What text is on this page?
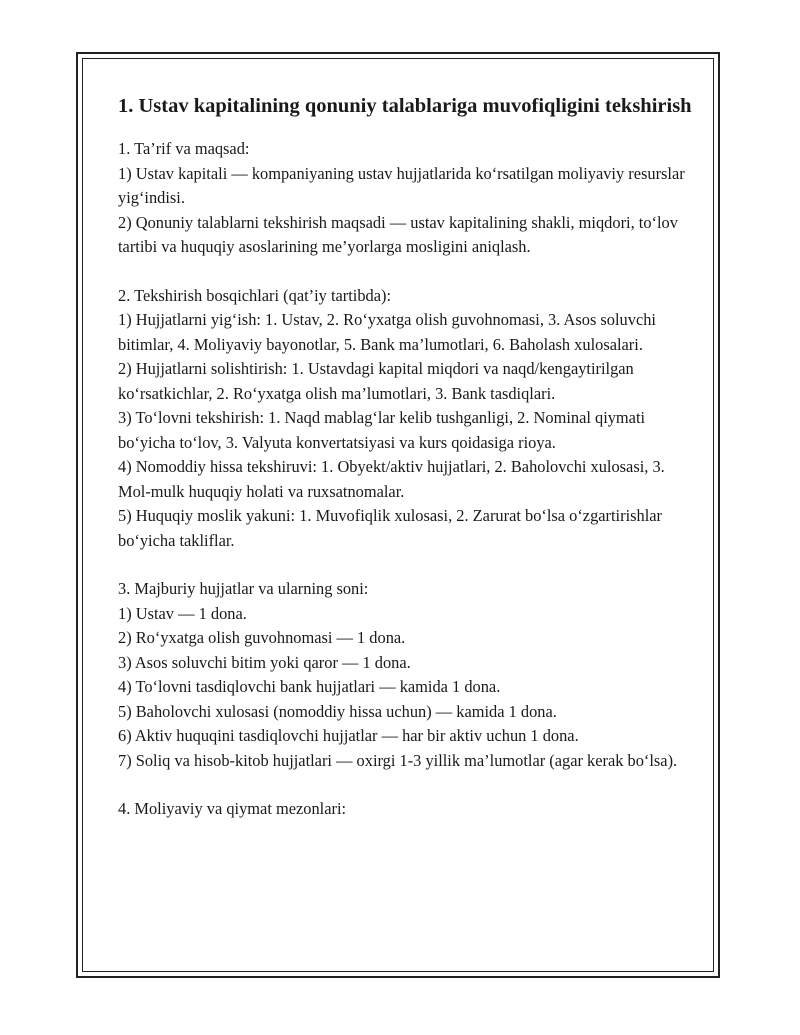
1. Ustav kapitalining qonuniy talablariga muvofiqligini tekshirish

1. Ta’rif va maqsad:

1) Ustav kapitali — kompaniyaning ustav hujjatlarida ko‘rsatilgan moliyaviy resurslar yig‘indisi.

2) Qonuniy talablarni tekshirish maqsadi — ustav kapitalining shakli, miqdori, to‘lov tartibi va huquqiy asoslarining me’yorlarga mosligini aniqlash.

2. Tekshirish bosqichlari (qat’iy tartibda):

1) Hujjatlarni yig‘ish: 1. Ustav, 2. Ro‘yxatga olish guvohnomasi, 3. Asos soluvchi bitimlar, 4. Moliyaviy bayonotlar, 5. Bank ma’lumotlari, 6. Baholash xulosalari.

2) Hujjatlarni solishtirish: 1. Ustavdagi kapital miqdori va naqd/kengaytirilgan ko‘rsatkichlar, 2. Ro‘yxatga olish ma’lumotlari, 3. Bank tasdiqlari.

3) To‘lovni tekshirish: 1. Naqd mablag‘lar kelib tushganligi, 2. Nominal qiymati bo‘yicha to‘lov, 3. Valyuta konvertatsiyasi va kurs qoidasiga rioya.

4) Nomoddiy hissa tekshiruvi: 1. Obyekt/aktiv hujjatlari, 2. Baholovchi xulosasi, 3. Mol-mulk huquqiy holati va ruxsatnomalar.

5) Huquqiy moslik yakuni: 1. Muvofiqlik xulosasi, 2. Zarurat bo‘lsa o‘zgartirishlar bo‘yicha takliflar.

3. Majburiy hujjatlar va ularning soni:

1) Ustav — 1 dona.

2) Ro‘yxatga olish guvohnomasi — 1 dona.

3) Asos soluvchi bitim yoki qaror — 1 dona.

4) To‘lovni tasdiqlovchi bank hujjatlari — kamida 1 dona.

5) Baholovchi xulosasi (nomoddiy hissa uchun) — kamida 1 dona.

6) Aktiv huquqini tasdiqlovchi hujjatlar — har bir aktiv uchun 1 dona.

7) Soliq va hisob-kitob hujjatlari — oxirgi 1-3 yillik ma’lumotlar (agar kerak bo‘lsa).

4. Moliyaviy va qiymat mezonlari:
